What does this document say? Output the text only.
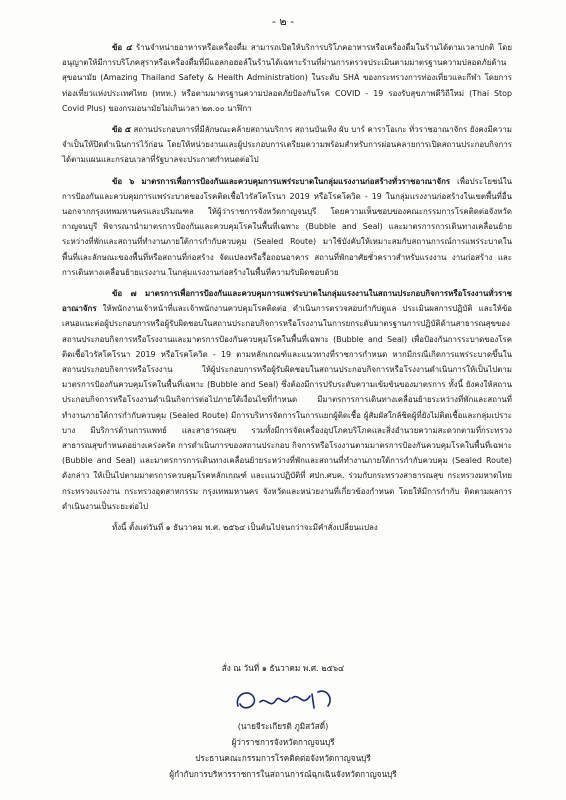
- ๒ -

ข้อ ๔ ร้านจำหน่ายอาหารหรือเครื่องดื่ม สามารถเปิดให้บริการบริโภคอาหารหรือเครื่องดื่มในร้านได้ตามเวลาปกติ โดยอนุญาตให้มีการบริโภคสุราหรือเครื่องดื่มที่มีแอลกอฮอล์ในร้านได้เฉพาะร้านที่ผ่านการตรวจประเมินตามมาตรฐานความปลอดภัยด้านสุขอนามัย (Amazing Thailand Safety & Health Administration) ในระดับ SHA ของกระทรวงการท่องเที่ยวและกีฬา โดยการท่องเที่ยวแห่งประเทศไทย (ททท.) หรือตามมาตรฐานความปลอดภัยป้องกันโรค COVID - 19 รองรับสุขภาพดีวิถีใหม่ (Thai Stop Covid Plus) ของกรมอนามัยไม่เกินเวลา ๒๓.๐๐ นาฬิกา

ข้อ ๕ สถานประกอบการที่มีลักษณะคล้ายสถานบริการ สถานบันเทิง ผับ บาร์ คาราโอเกะ ทั่วราชอาณาจักร ยังคงมีความจำเป็นให้ปิดดำเนินการไว้ก่อน โดยให้หน่วยงานและผู้ประกอบการเตรียมความพร้อมสำหรับการผ่อนคลายการเปิดสถานประกอบกิจการได้ตามแผนและกรอบเวลาที่รัฐบาลจะประกาศกำหนดต่อไป

ข้อ ๖ มาตรการเพื่อการป้องกันและควบคุมการแพร่ระบาดในกลุ่มแรงงานก่อสร้างทั่วราชอาณาจักร เพื่อประโยชน์ในการป้องกันและควบคุมการแพร่ระบาดของโรคติดเชื้อไวรัสโคโรนา 2019 หรือโรคโควิด - 19 ในกลุ่มแรงงานก่อสร้างในเขตพื้นที่อื่นนอกจากกรุงเทพมหานครและปริมณฑล ให้ผู้ว่าราชการจังหวัดกาญจนบุรี โดยความเห็นชอบของคณะกรรมการโรคติดต่อจังหวัดกาญจนบุรี พิจารณานำมาตรการป้องกันและควบคุมโรคในพื้นที่เฉพาะ (Bubble and Seal) และมาตรการการเดินทางเคลื่อนย้ายระหว่างที่พักและสถานที่ทำงานภายใต้การกำกับควบคุม (Sealed Route) มาใช้บังคับให้เหมาะสมกับสถานการณ์การแพร่ระบาดในพื้นที่และลักษณะของพื้นที่หรือสถานที่ก่อสร้าง จัดแปลงหรือรื้อถอนอาคาร สถานที่พักอาศัยชั่วคราวสำหรับแรงงาน งานก่อสร้าง และการเดินทางเคลื่อนย้ายแรงงาน ในกลุ่มแรงงานก่อสร้างในพื้นที่ความรับผิดชอบด้วย

ข้อ ๗ มาตรการเพื่อการป้องกันและควบคุมการแพร่ระบาดในกลุ่มแรงงานในสถานประกอบกิจการหรือโรงงานทั่วราชอาณาจักร ให้พนักงานเจ้าหน้าที่และเจ้าพนักงานควบคุมโรคติดต่อ ดำเนินการตรวจสอบกำกับดูแล ประเมินผลการปฏิบัติ และให้ข้อเสนอแนะต่อผู้ประกอบการหรือผู้รับผิดชอบในสถานประกอบกิจการหรือโรงงานในการยกระดับมาตรฐานการปฏิบัติด้านสาธารณสุขของสถานประกอบกิจการหรือโรงงานและมาตรการป้องกันควบคุมโรคในพื้นที่เฉพาะ (Bubble and Seal) เพื่อป้องกันการระบาดของโรคติดเชื้อไวรัสโคโรนา 2019 หรือโรคโควิด - 19 ตามหลักเกณฑ์และแนวทางที่ราชการกำหนด หากมีกรณีเกิดการแพร่ระบาดขึ้นในสถานประกอบกิจการหรือโรงงาน ให้ผู้ประกอบการหรือผู้รับผิดชอบในสถานประกอบกิจการหรือโรงงานดำเนินการให้เป็นไปตามมาตรการป้องกันควบคุมโรคในพื้นที่เฉพาะ (Bubble and Seal) ซึ่งต้องมีการปรับระดับความเข้มข้นของมาตรการ ทั้งนี้ ยังคงให้สถานประกอบกิจการหรือโรงงานดำเนินกิจการต่อไปภายใต้เงื่อนไขที่กำหนด มีมาตรการการเดินทางเคลื่อนย้ายระหว่างที่พักและสถานที่ทำงานภายใต้การกำกับควบคุม (Sealed Route) มีการบริหารจัดการในการแยกผู้ติดเชื้อ ผู้สัมผัสใกล้ชิดผู้ที่ยังไม่ติดเชื้อและกลุ่มเปราะบาง มีบริการด้านการแพทย์ และสาธารณสุข รวมทั้งมีการจัดเครื่องอุปโภคบริโภคและสิ่งอำนวยความสะดวกตามที่กระทรวงสาธารณสุขกำหนดอย่างเคร่งครัด การดำเนินการของสถานประกอบ กิจการหรือโรงงานตามมาตรการป้องกันควบคุมโรคในพื้นที่เฉพาะ (Bubble and Seal) และมาตรการการเดินทางเคลื่อนย้ายระหว่างที่พักและสถานที่ทำงานภายใต้การกำกับควบคุม (Sealed Route) ดังกล่าว ให้เป็นไปตามมาตรการควบคุมโรคหลักเกณฑ์ และแนวปฏิบัติที่ ศปก.ศบค. ร่วมกับกระทรวงสาธารณสุข กระทรวงมหาดไทย กระทรวงแรงงาน กระทรวงอุตสาหกรรม กรุงเทพมหานคร จังหวัดและหน่วยงานที่เกี่ยวข้องกำหนด โดยให้มีการกำกับ ติดตามผลการดำเนินงานเป็นระยะต่อไป

ทั้งนี้ ตั้งแต่วันที่ ๑ ธันวาคม พ.ศ. ๒๕๖๔ เป็นต้นไปจนกว่าจะมีคำสั่งเปลี่ยนแปลง

สั่ง ณ วันที่ ๑ ธันวาคม พ.ศ. ๒๕๖๔
(นายจีระเกียรติ ภูมิสวัสดิ์)
ผู้ว่าราชการจังหวัดกาญจนบุรี
ประธานคณะกรรมการโรคติดต่อจังหวัดกาญจนบุรี
ผู้กำกับการบริหารราชการในสถานการณ์ฉุกเฉินจังหวัดกาญจนบุรี
